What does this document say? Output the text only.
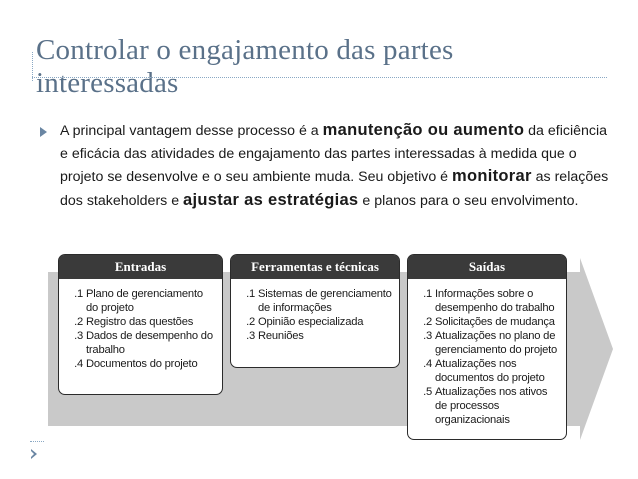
Controlar o engajamento das partes interessadas
A principal vantagem desse processo é a manutenção ou aumento da eficiência e eficácia das atividades de engajamento das partes interessadas à medida que o projeto se desenvolve e o seu ambiente muda. Seu objetivo é monitorar as relações dos stakeholders e ajustar as estratégias e planos para o seu envolvimento.
Entradas
.1 Plano de gerenciamento do projeto
.2 Registro das questões
.3 Dados de desempenho do trabalho
.4 Documentos do projeto
Ferramentas e técnicas
.1 Sistemas de gerenciamento de informações
.2 Opinião especializada
.3 Reuniões
Saídas
.1 Informações sobre o desempenho do trabalho
.2 Solicitações de mudança
.3 Atualizações no plano de gerenciamento do projeto
.4 Atualizações nos documentos do projeto
.5 Atualizações nos ativos de processos organizacionais
